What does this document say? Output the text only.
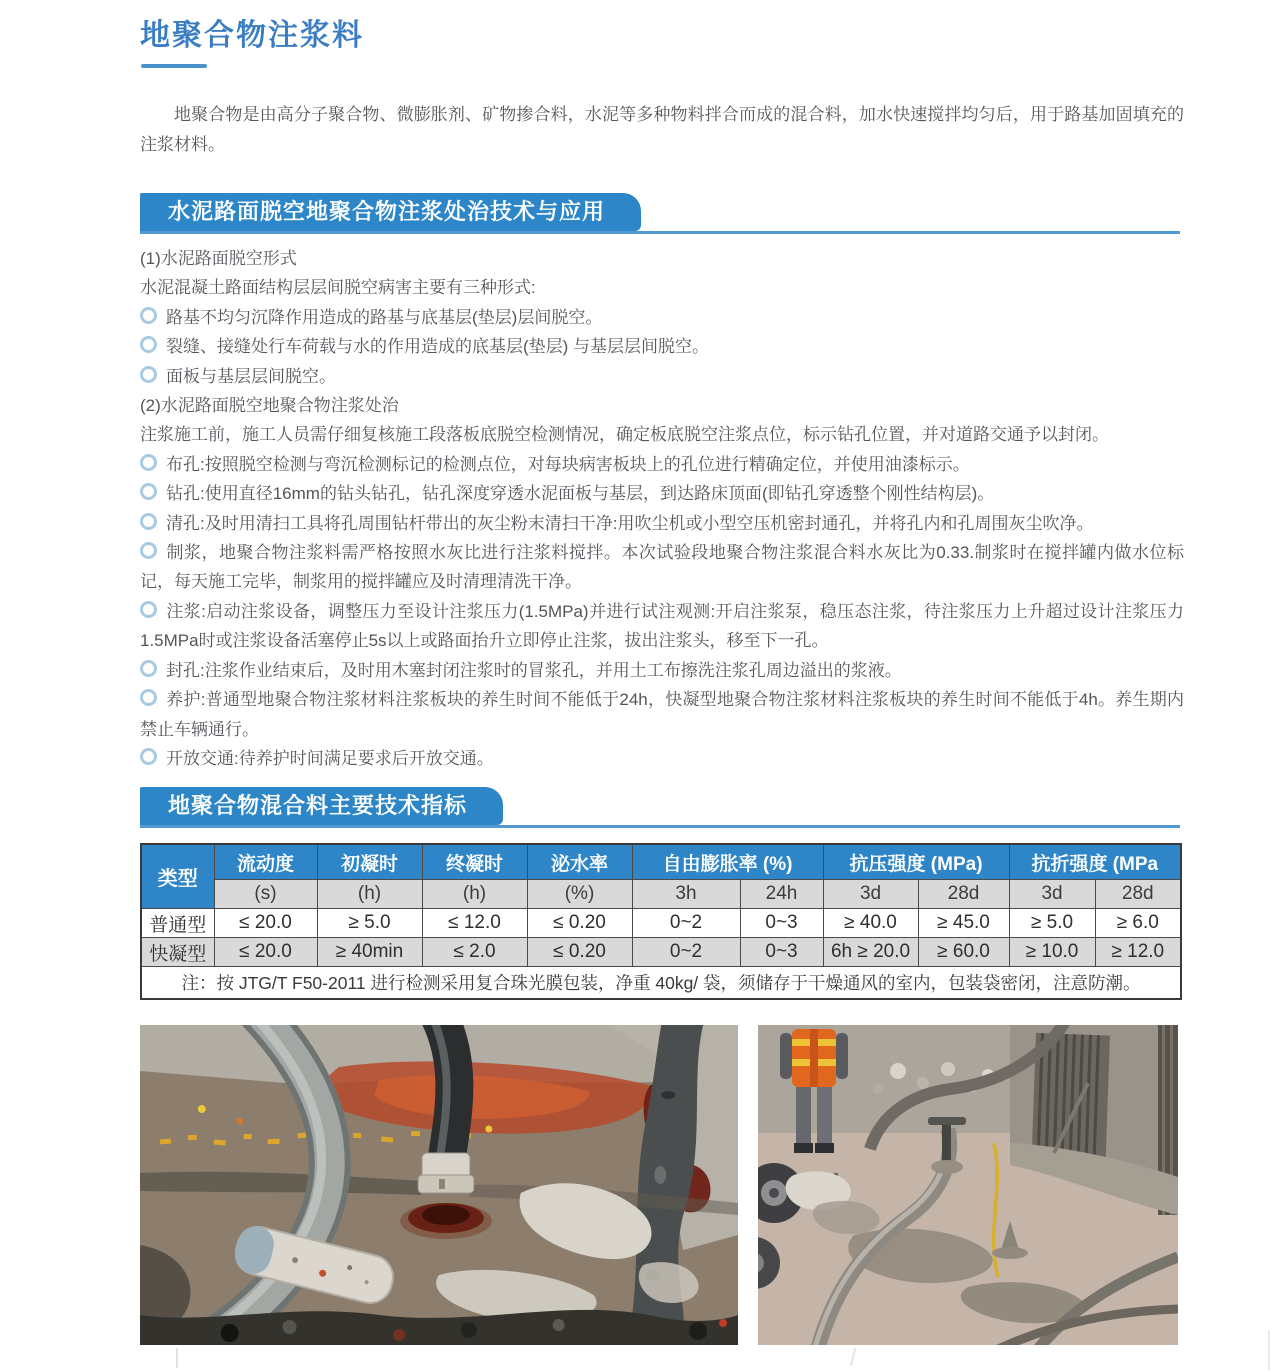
地聚合物注浆料
地聚合物是由高分子聚合物、微膨胀剂、矿物掺合料，水泥等多种物料拌合而成的混合料，加水快速搅拌均匀后，用于路基加固填充的注浆材料。
水泥路面脱空地聚合物注浆处治技术与应用
(1)水泥路面脱空形式
水泥混凝土路面结构层层间脱空病害主要有三种形式:
路基不均匀沉降作用造成的路基与底基层(垫层)层间脱空。
裂缝、接缝处行车荷载与水的作用造成的底基层(垫层) 与基层层间脱空。
面板与基层层间脱空。
(2)水泥路面脱空地聚合物注浆处治
注浆施工前，施工人员需仔细复核施工段落板底脱空检测情况，确定板底脱空注浆点位，标示钻孔位置，并对道路交通予以封闭。
布孔:按照脱空检测与弯沉检测标记的检测点位，对每块病害板块上的孔位进行精确定位，并使用油漆标示。
钻孔:使用直径16mm的钻头钻孔，钻孔深度穿透水泥面板与基层，到达路床顶面(即钻孔穿透整个刚性结构层)。
清孔:及时用清扫工具将孔周围钻杆带出的灰尘粉末清扫干净:用吹尘机或小型空压机密封通孔，并将孔内和孔周围灰尘吹净。
制浆，地聚合物注浆料需严格按照水灰比进行注浆料搅拌。本次试验段地聚合物注浆混合料水灰比为0.33.制浆时在搅拌罐内做水位标记，每天施工完毕，制浆用的搅拌罐应及时清理清洗干净。
注浆:启动注浆设备，调整压力至设计注浆压力(1.5MPa)并进行试注观测:开启注浆泵，稳压态注浆，待注浆压力上升超过设计注浆压力1.5MPa时或注浆设备活塞停止5s以上或路面抬升立即停止注浆，拔出注浆头，移至下一孔。
封孔:注浆作业结束后，及时用木塞封闭注浆时的冒浆孔，并用土工布擦洗注浆孔周边溢出的浆液。
养护:普通型地聚合物注浆材料注浆板块的养生时间不能低于24h，快凝型地聚合物注浆材料注浆板块的养生时间不能低于4h。养生期内禁止车辆通行。
开放交通:待养护时间满足要求后开放交通。
地聚合物混合料主要技术指标
类型	流动度	初凝时	终凝时	泌水率	自由膨胀率 (%)		抗压强度 (MPa)		抗折强度 (MPa	
	(s)	(h)	(h)	(%)	3h	24h	3d	28d	3d	28d
普通型	≤ 20.0	≥ 5.0	≤ 12.0	≤ 0.20	0~2	0~3	≥ 40.0	≥ 45.0	≥ 5.0	≥ 6.0
快凝型	≤ 20.0	≥ 40min	≤ 2.0	≤ 0.20	0~2	0~3	6h ≥ 20.0	≥ 60.0	≥ 10.0	≥ 12.0
注：按 JTG/T F50-2011 进行检测采用复合珠光膜包装，净重 40kg/ 袋，须储存于干燥通风的室内，包装袋密闭，注意防潮。										
